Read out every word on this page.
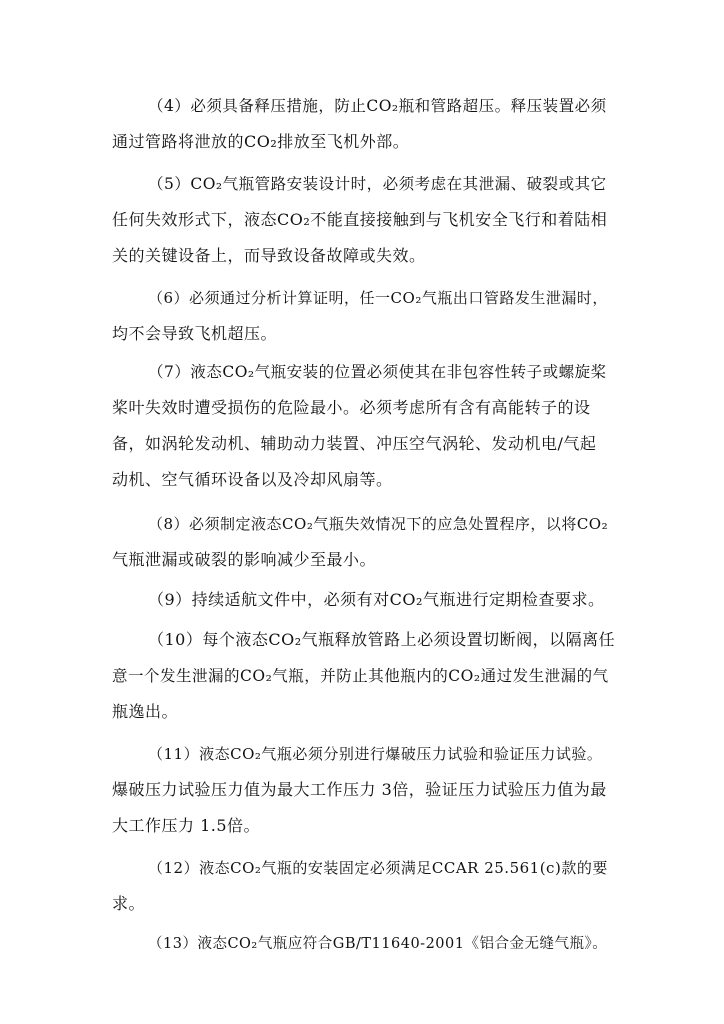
（4）必须具备释压措施，防止CO₂瓶和管路超压。释压装置必须
通过管路将泄放的CO₂排放至飞机外部。

（5）CO₂气瓶管路安装设计时，必须考虑在其泄漏、破裂或其它
任何失效形式下，液态CO₂不能直接接触到与飞机安全飞行和着陆相
关的关键设备上，而导致设备故障或失效。

（6）必须通过分析计算证明，任一CO₂气瓶出口管路发生泄漏时，
均不会导致飞机超压。

（7）液态CO₂气瓶安装的位置必须使其在非包容性转子或螺旋桨
桨叶失效时遭受损伤的危险最小。必须考虑所有含有高能转子的设
备，如涡轮发动机、辅助动力装置、冲压空气涡轮、发动机电/气起
动机、空气循环设备以及冷却风扇等。

（8）必须制定液态CO₂气瓶失效情况下的应急处置程序，以将CO₂
气瓶泄漏或破裂的影响减少至最小。

（9）持续适航文件中，必须有对CO₂气瓶进行定期检查要求。

（10）每个液态CO₂气瓶释放管路上必须设置切断阀，以隔离任
意一个发生泄漏的CO₂气瓶，并防止其他瓶内的CO₂通过发生泄漏的气
瓶逸出。

（11）液态CO₂气瓶必须分别进行爆破压力试验和验证压力试验。
爆破压力试验压力值为最大工作压力 3倍，验证压力试验压力值为最
大工作压力 1.5倍。

（12）液态CO₂气瓶的安装固定必须满足CCAR 25.561(c)款的要
求。

（13）液态CO₂气瓶应符合GB/T11640-2001《铝合金无缝气瓶》。
